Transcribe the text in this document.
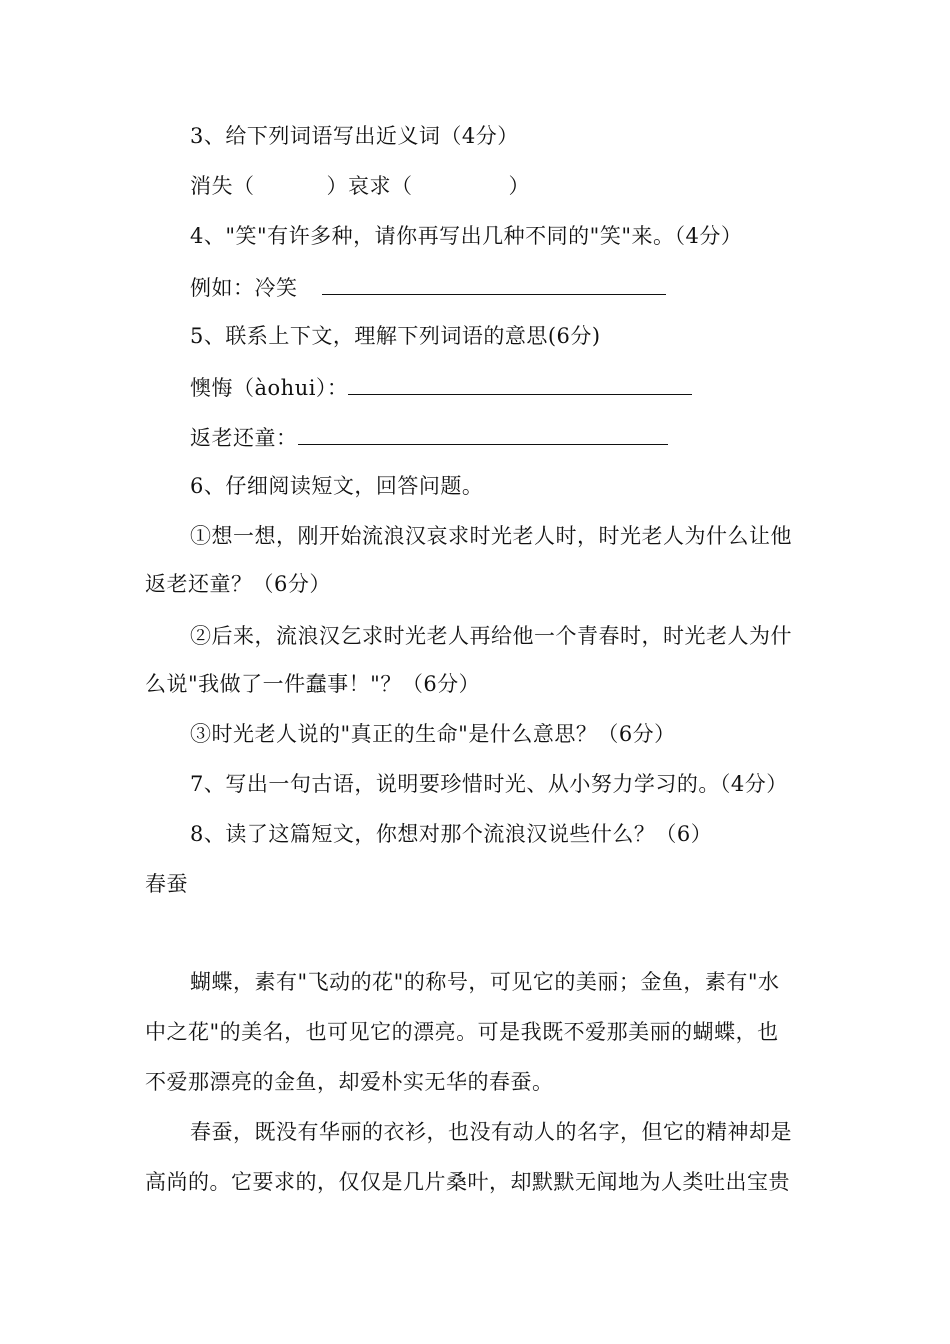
3、给下列词语写出近义词（4分）
消失（	）哀求（	）
4、"笑"有许多种，请你再写出几种不同的"笑"来。（4分）
例如：冷笑
5、联系上下文，理解下列词语的意思(6分)
懊悔（àohui）：
返老还童：
6、仔细阅读短文，回答问题。
①想一想，刚开始流浪汉哀求时光老人时，时光老人为什么让他
返老还童？（6分）
②后来，流浪汉乞求时光老人再给他一个青春时，时光老人为什
么说"我做了一件蠢事！"？（6分）
③时光老人说的"真正的生命"是什么意思？（6分）
7、写出一句古语，说明要珍惜时光、从小努力学习的。（4分）
8、读了这篇短文，你想对那个流浪汉说些什么？（6）
春蚕
蝴蝶，素有"飞动的花"的称号，可见它的美丽；金鱼，素有"水
中之花"的美名，也可见它的漂亮。可是我既不爱那美丽的蝴蝶，也
不爱那漂亮的金鱼，却爱朴实无华的春蚕。
春蚕，既没有华丽的衣衫，也没有动人的名字，但它的精神却是
高尚的。它要求的，仅仅是几片桑叶，却默默无闻地为人类吐出宝贵
